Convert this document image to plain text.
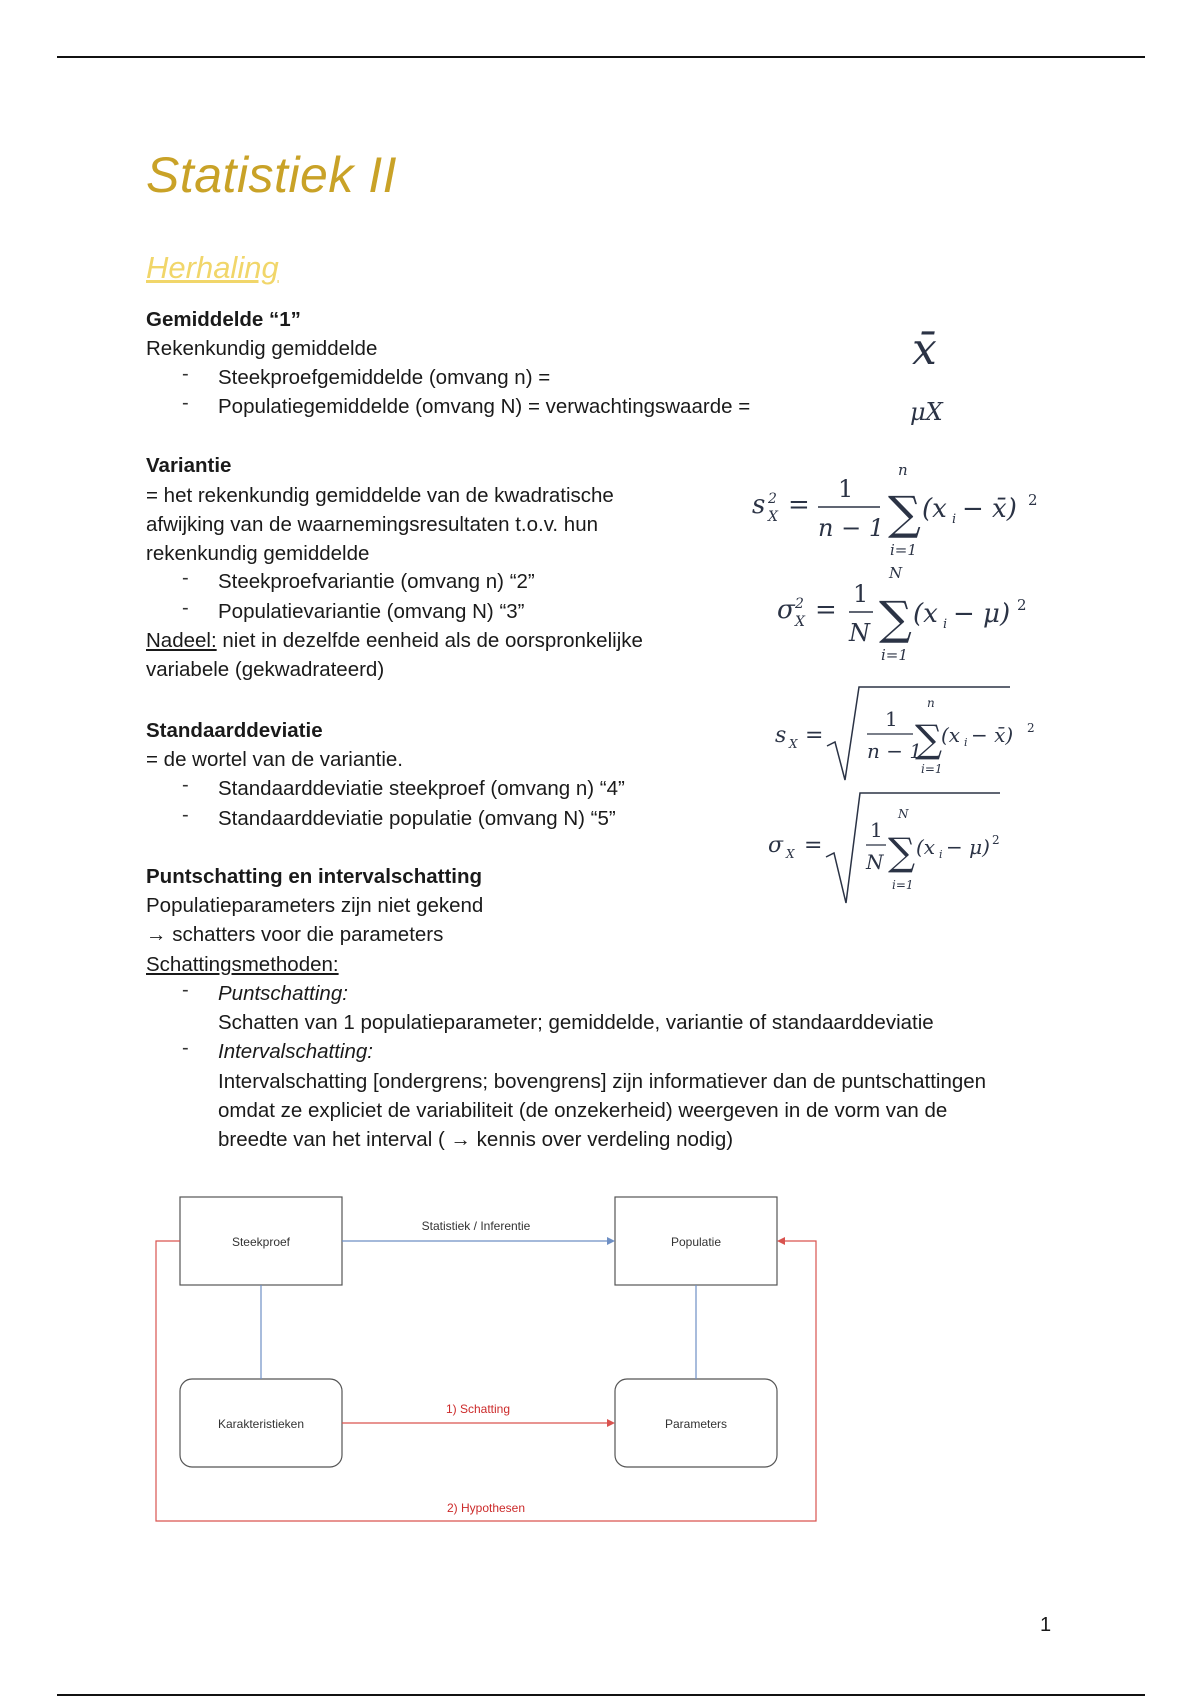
Statistiek II
Herhaling
Gemiddelde “1”
Rekenkundig gemiddelde
- Steekproefgemiddelde (omvang n) =
- Populatiegemiddelde (omvang N) = verwachtingswaarde =
x̄
μX
Variantie
= het rekenkundig gemiddelde van de kwadratische
afwijking van de waarnemingsresultaten t.o.v. hun
rekenkundig gemiddelde
- Steekproefvariantie (omvang n) “2”
- Populatievariantie (omvang N) “3”
Nadeel: niet in dezelfde eenheid als de oorspronkelijke
variabele (gekwadrateerd)
Standaarddeviatie
= de wortel van de variantie.
- Standaarddeviatie steekproef (omvang n) “4”
- Standaarddeviatie populatie (omvang N) “5”
Puntschatting en intervalschatting
Populatieparameters zijn niet gekend
→ schatters voor die parameters
Schattingsmethoden:
- Puntschatting:
Schatten van 1 populatieparameter; gemiddelde, variantie of standaarddeviatie
- Intervalschatting:
Intervalschatting [ondergrens; bovengrens] zijn informatiever dan de puntschattingen
omdat ze expliciet de variabiliteit (de onzekerheid) weergeven in de vorm van de
breedte van het interval ( → kennis over verdeling nodig)
s 2
X =
1
n − 1 ∑
n
i=1
(x i − x̄) 2
σ 2
X =
1
N ∑
N
i=1
(x i − μ) 2
s X =
1
n − 1
∑
n
i=1
(x i − x̄) 2
σ X =
1
N ∑
N
i=1
(x i − μ) 2
Steekproef	Populatie
Karakteristieken	Parameters
Statistiek / Inferentie
1) Schatting
2) Hypothesen
1
